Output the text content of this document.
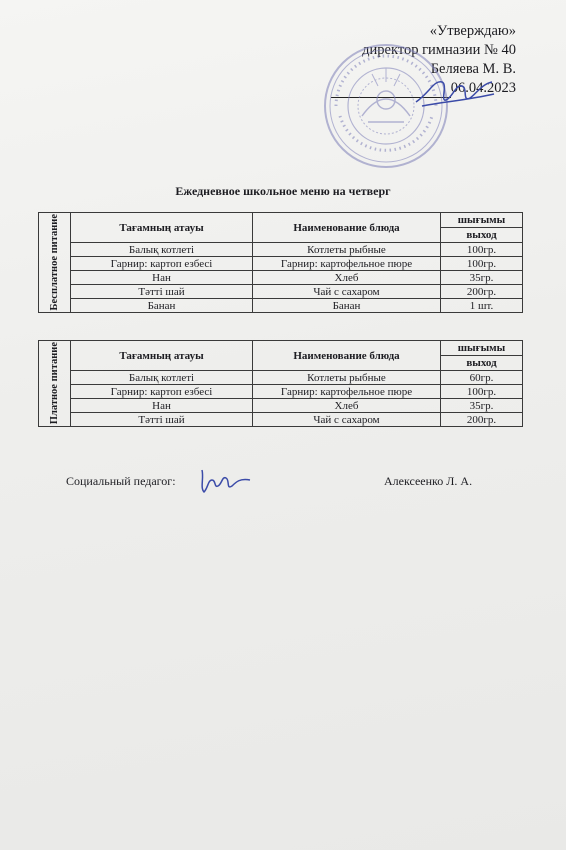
«Утверждаю»
директор гимназии № 40
Беляева М. В.
06.04.2023
Ежедневное школьное меню на четверг
Бесплатное питание	Тағамның атауы	Наименование блюда	шығымы
			выход
	Балық котлеті	Котлеты рыбные	100гр.
	Гарнир: картоп езбесі	Гарнир: картофельное пюре	100гр.
	Нан	Хлеб	35гр.
	Тәтті шай	Чай с сахаром	200гр.
	Банан	Банан	1 шт.
Платное питание	Тағамның атауы	Наименование блюда	шығымы
			выход
	Балық котлеті	Котлеты рыбные	60гр.
	Гарнир: картоп езбесі	Гарнир: картофельное пюре	100гр.
	Нан	Хлеб	35гр.
	Тәтті шай	Чай с сахаром	200гр.
Социальный педагог:	Алексеенко Л. А.
